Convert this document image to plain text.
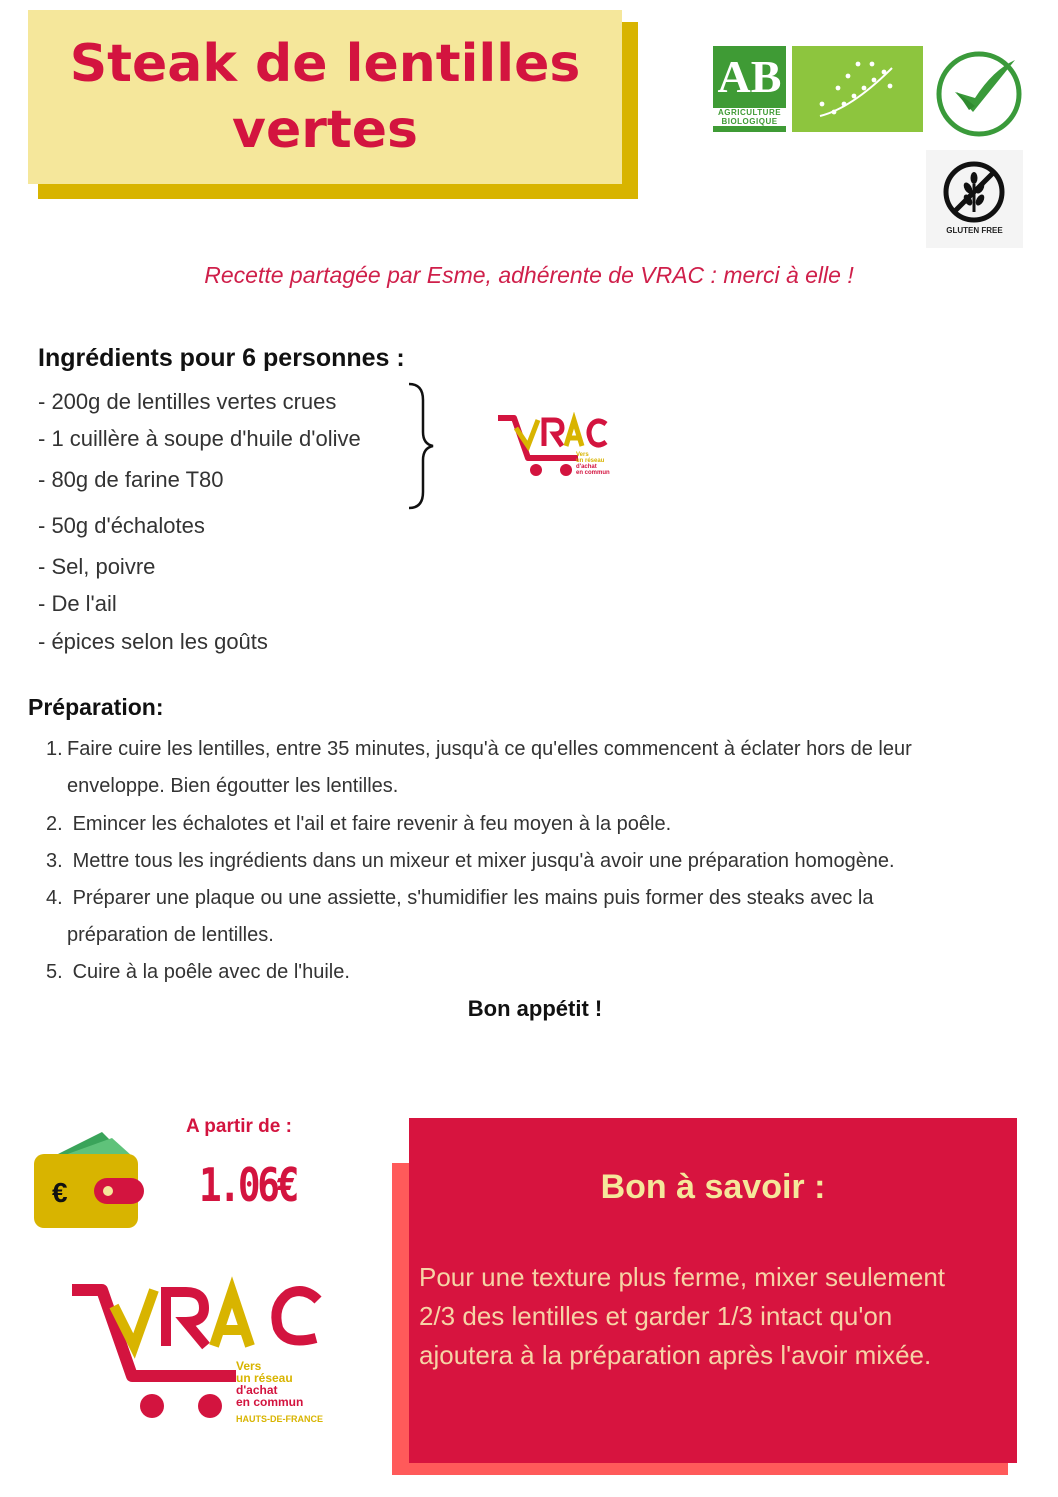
Steak de lentilles
vertes
AB
AGRICULTURE
BIOLOGIQUE
GLUTEN FREE
Recette partagée par Esme, adhérente de VRAC : merci à elle !
Ingrédients pour 6 personnes :
- 200g de lentilles vertes crues
- 1 cuillère à soupe d'huile d'olive
- 80g de farine T80
- 50g d'échalotes
- Sel, poivre
- De l'ail
- épices selon les goûts
Vers
un réseau
d'achat
en commun
Préparation:
1. Faire cuire les lentilles, entre 35 minutes, jusqu'à ce qu'elles commencent à éclater hors de leur
enveloppe. Bien égoutter les lentilles.
2. Emincer les échalotes et l'ail et faire revenir à feu moyen à la poêle.
3. Mettre tous les ingrédients dans un mixeur et mixer jusqu'à avoir une préparation homogène.
4. Préparer une plaque ou une assiette, s'humidifier les mains puis former des steaks avec la
préparation de lentilles.
5. Cuire à la poêle avec de l'huile.
Bon appétit !
€
A partir de :
1.06€
Vers
un réseau
d'achat
en commun
HAUTS-DE-FRANCE
Bon à savoir :
Pour une texture plus ferme, mixer seulement
2/3 des lentilles et garder 1/3 intact qu'on
ajoutera à la préparation après l'avoir mixée.
